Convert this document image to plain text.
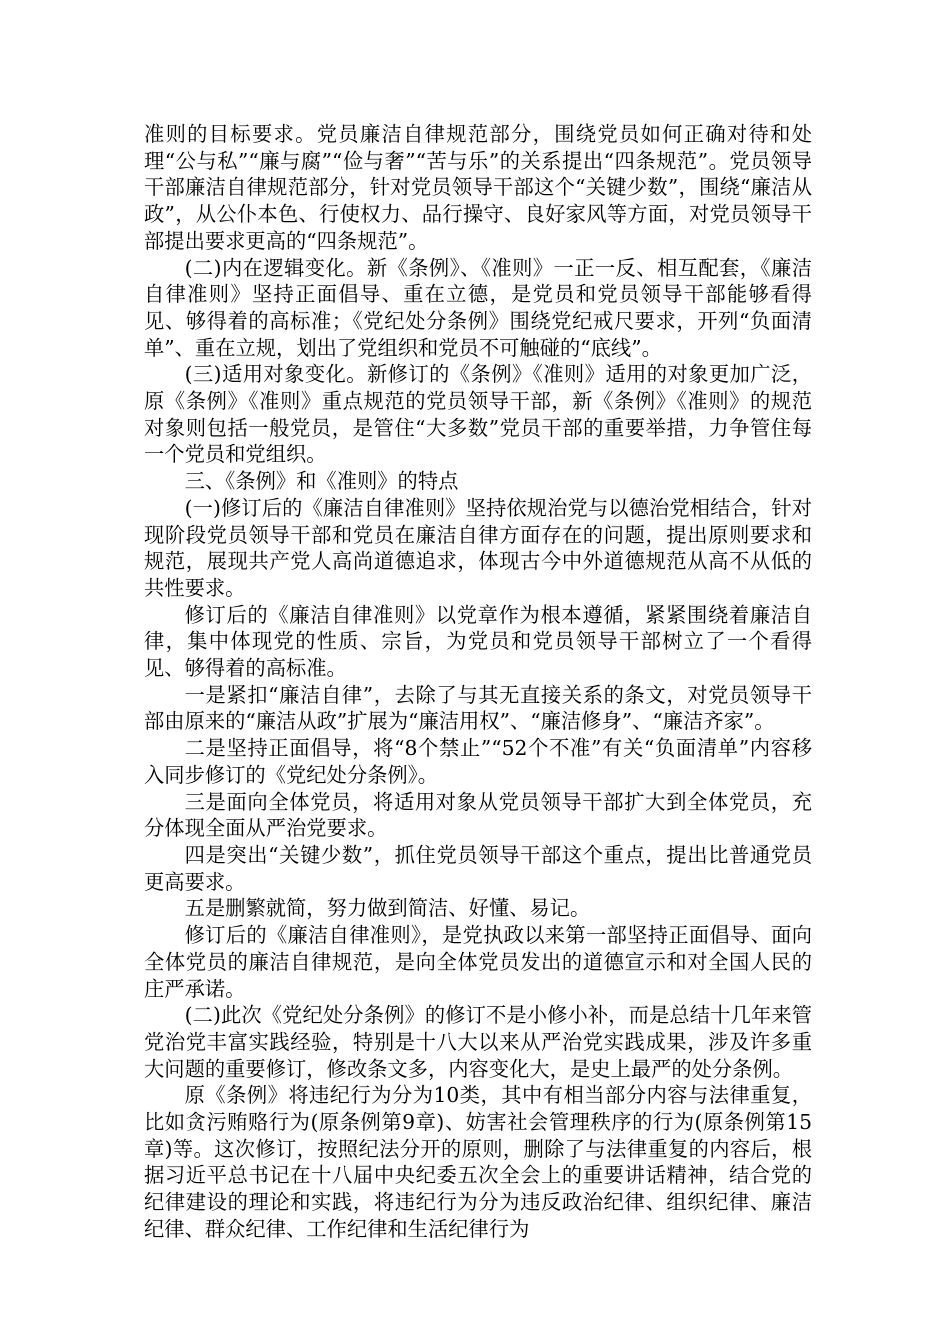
准则的目标要求。党员廉洁自律规范部分，围绕党员如何正确对待和处理“公与私”“廉与腐”“俭与奢”“苦与乐”的关系提出“四条规范”。党员领导干部廉洁自律规范部分，针对党员领导干部这个“关键少数”，围绕“廉洁从政”，从公仆本色、行使权力、品行操守、良好家风等方面，对党员领导干部提出要求更高的“四条规范”。

(二)内在逻辑变化。新《条例》、《准则》一正一反、相互配套，《廉洁自律准则》坚持正面倡导、重在立德，是党员和党员领导干部能够看得见、够得着的高标准；《党纪处分条例》围绕党纪戒尺要求，开列“负面清单”、重在立规，划出了党组织和党员不可触碰的“底线”。

(三)适用对象变化。新修订的《条例》《准则》适用的对象更加广泛，原《条例》《准则》重点规范的党员领导干部，新《条例》《准则》的规范对象则包括一般党员，是管住“大多数”党员干部的重要举措，力争管住每一个党员和党组织。

三、《条例》和《准则》的特点

(一)修订后的《廉洁自律准则》坚持依规治党与以德治党相结合，针对现阶段党员领导干部和党员在廉洁自律方面存在的问题，提出原则要求和规范，展现共产党人高尚道德追求，体现古今中外道德规范从高不从低的共性要求。

修订后的《廉洁自律准则》以党章作为根本遵循，紧紧围绕着廉洁自律，集中体现党的性质、宗旨，为党员和党员领导干部树立了一个看得见、够得着的高标准。

一是紧扣“廉洁自律”，去除了与其无直接关系的条文，对党员领导干部由原来的“廉洁从政”扩展为“廉洁用权”、“廉洁修身”、“廉洁齐家”。

二是坚持正面倡导，将“8个禁止”“52个不准”有关“负面清单”内容移入同步修订的《党纪处分条例》。

三是面向全体党员，将适用对象从党员领导干部扩大到全体党员，充分体现全面从严治党要求。

四是突出“关键少数”，抓住党员领导干部这个重点，提出比普通党员更高要求。

五是删繁就简，努力做到简洁、好懂、易记。

修订后的《廉洁自律准则》，是党执政以来第一部坚持正面倡导、面向全体党员的廉洁自律规范，是向全体党员发出的道德宣示和对全国人民的庄严承诺。

(二)此次《党纪处分条例》的修订不是小修小补，而是总结十几年来管党治党丰富实践经验，特别是十八大以来从严治党实践成果，涉及许多重大问题的重要修订，修改条文多，内容变化大，是史上最严的处分条例。

原《条例》将违纪行为分为10类，其中有相当部分内容与法律重复，比如贪污贿赂行为(原条例第9章)、妨害社会管理秩序的行为(原条例第15章)等。这次修订，按照纪法分开的原则，删除了与法律重复的内容后，根据习近平总书记在十八届中央纪委五次全会上的重要讲话精神，结合党的纪律建设的理论和实践，将违纪行为分为违反政治纪律、组织纪律、廉洁纪律、群众纪律、工作纪律和生活纪律行为
